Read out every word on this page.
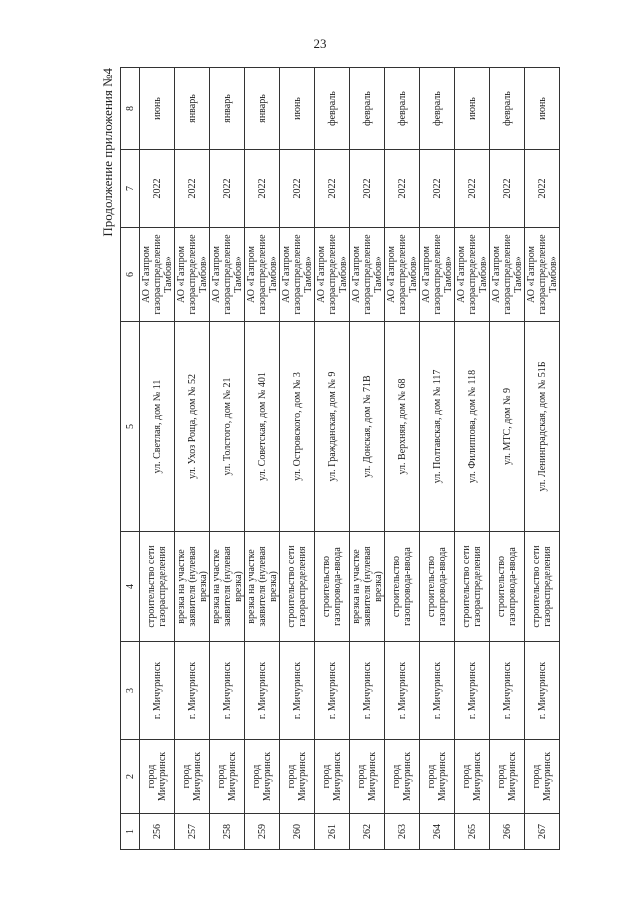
23
Продолжение приложения №4
1	2	3	4	5	6	7	8
256	город Мичуринск	г. Мичуринск	строительство сети газораспределения	ул. Светлая, дом № 11	АО «Газпром газораспределение Тамбов»	2022	июнь
257	город Мичуринск	г. Мичуринск	врезка на участке заявителя (нулевая врезка)	ул. Ухоз Роща, дом № 52	АО «Газпром газораспределение Тамбов»	2022	январь
258	город Мичуринск	г. Мичуринск	врезка на участке заявителя (нулевая врезка)	ул. Толстого, дом № 21	АО «Газпром газораспределение Тамбов»	2022	январь
259	город Мичуринск	г. Мичуринск	врезка на участке заявителя (нулевая врезка)	ул. Советская, дом № 401	АО «Газпром газораспределение Тамбов»	2022	январь
260	город Мичуринск	г. Мичуринск	строительство сети газораспределения	ул. Островского, дом № 3	АО «Газпром газораспределение Тамбов»	2022	июнь
261	город Мичуринск	г. Мичуринск	строительство газопровода-ввода	ул. Гражданская, дом № 9	АО «Газпром газораспределение Тамбов»	2022	февраль
262	город Мичуринск	г. Мичуринск	врезка на участке заявителя (нулевая врезка)	ул. Донская, дом № 71В	АО «Газпром газораспределение Тамбов»	2022	февраль
263	город Мичуринск	г. Мичуринск	строительство газопровода-ввода	ул. Верхняя, дом № 68	АО «Газпром газораспределение Тамбов»	2022	февраль
264	город Мичуринск	г. Мичуринск	строительство газопровода-ввода	ул. Полтавская, дом № 117	АО «Газпром газораспределение Тамбов»	2022	февраль
265	город Мичуринск	г. Мичуринск	строительство сети газораспределения	ул. Филиппова, дом № 118	АО «Газпром газораспределение Тамбов»	2022	июнь
266	город Мичуринск	г. Мичуринск	строительство газопровода-ввода	ул. МТС, дом № 9	АО «Газпром газораспределение Тамбов»	2022	февраль
267	город Мичуринск	г. Мичуринск	строительство сети газораспределения	ул. Ленинградская, дом № 51Б	АО «Газпром газораспределение Тамбов»	2022	июнь
